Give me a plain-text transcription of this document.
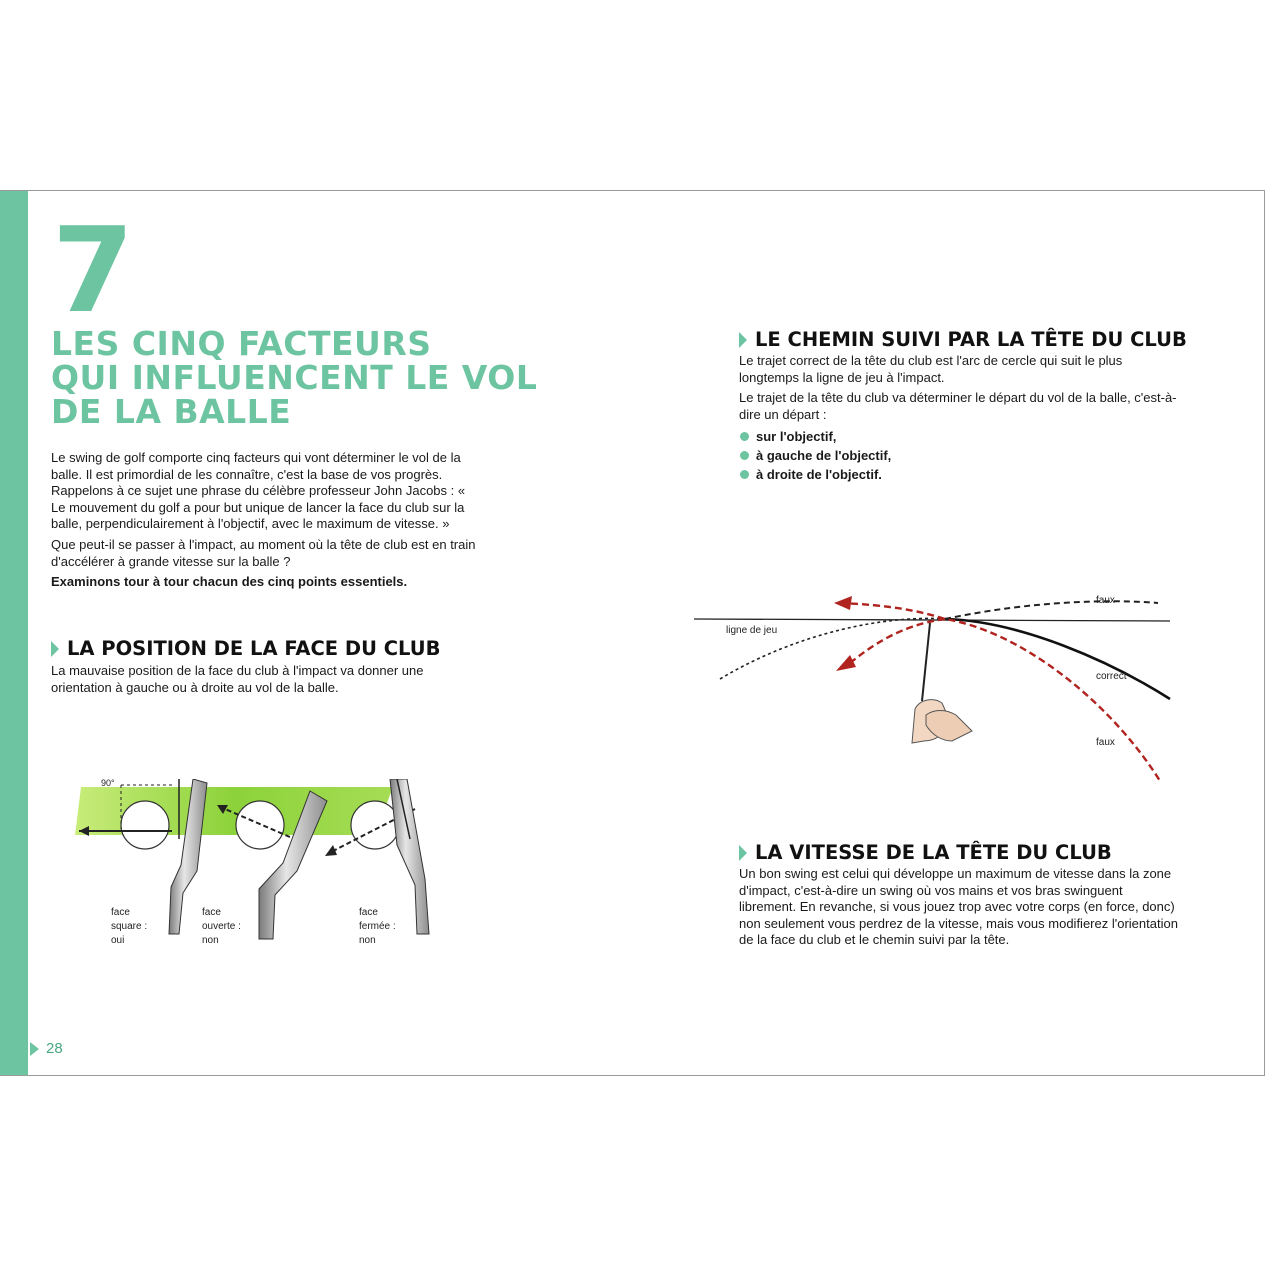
7
LES CINQ FACTEURS
QUI INFLUENCENT LE VOL
DE LA BALLE

Le swing de golf comporte cinq facteurs qui vont déterminer le vol de la balle. Il est primordial de les connaître, c'est la base de vos progrès. Rappelons à ce sujet une phrase du célèbre professeur John Jacobs : « Le mouvement du golf a pour but unique de lancer la face du club sur la balle, perpendiculairement à l'objectif, avec le maximum de vitesse. »

Que peut-il se passer à l'impact, au moment où la tête de club est en train d'accélérer à grande vitesse sur la balle ?

Examinons tour à tour chacun des cinq points essentiels.

LA POSITION DE LA FACE DU CLUB

La mauvaise position de la face du club à l'impact va donner une orientation à gauche ou à droite au vol de la balle.

90°
face square : oui
face ouverte : non
face fermée : non
LE CHEMIN SUIVI PAR LA TÊTE DU CLUB

Le trajet correct de la tête du club est l'arc de cercle qui suit le plus longtemps la ligne de jeu à l'impact.

Le trajet de la tête du club va déterminer le départ du vol de la balle, c'est-à-dire un départ :

sur l'objectif,
à gauche de l'objectif,
à droite de l'objectif.
ligne de jeu
faux
correct
faux
LA VITESSE DE LA TÊTE DU CLUB

Un bon swing est celui qui développe un maximum de vitesse dans la zone d'impact, c'est-à-dire un swing où vos mains et vos bras swinguent librement. En revanche, si vous jouez trop avec votre corps (en force, donc) non seulement vous perdrez de la vitesse, mais vous modifierez l'orientation de la face du club et le chemin suivi par la tête.

28
